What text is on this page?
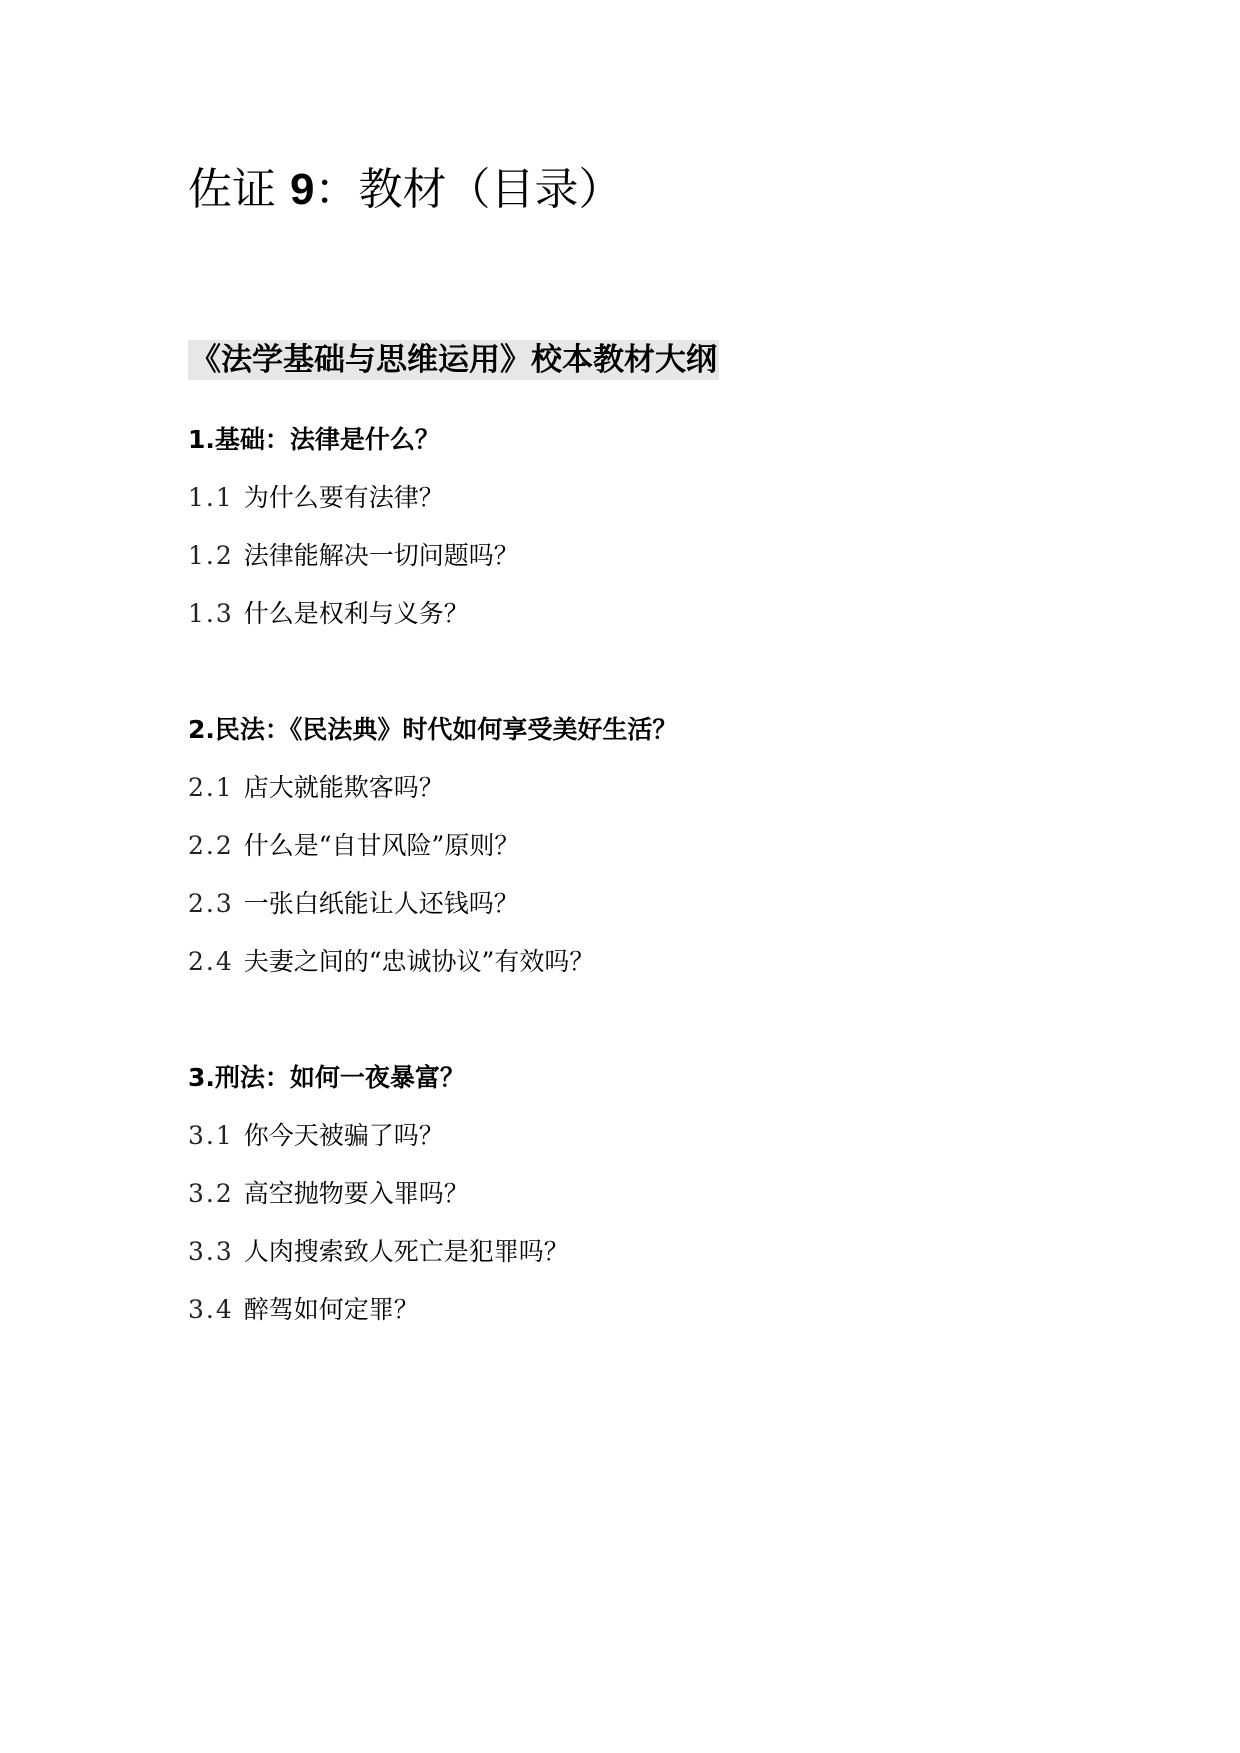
佐证 9：教材（目录）
《法学基础与思维运用》校本教材大纲
1.基础：法律是什么？
1.1 为什么要有法律？
1.2 法律能解决一切问题吗？
1.3 什么是权利与义务？
2.民法：《民法典》时代如何享受美好生活？
2.1 店大就能欺客吗？
2.2 什么是“自甘风险”原则？
2.3 一张白纸能让人还钱吗？
2.4 夫妻之间的“忠诚协议”有效吗？
3.刑法：如何一夜暴富？
3.1 你今天被骗了吗？
3.2 高空抛物要入罪吗？
3.3 人肉搜索致人死亡是犯罪吗？
3.4 醉驾如何定罪？
